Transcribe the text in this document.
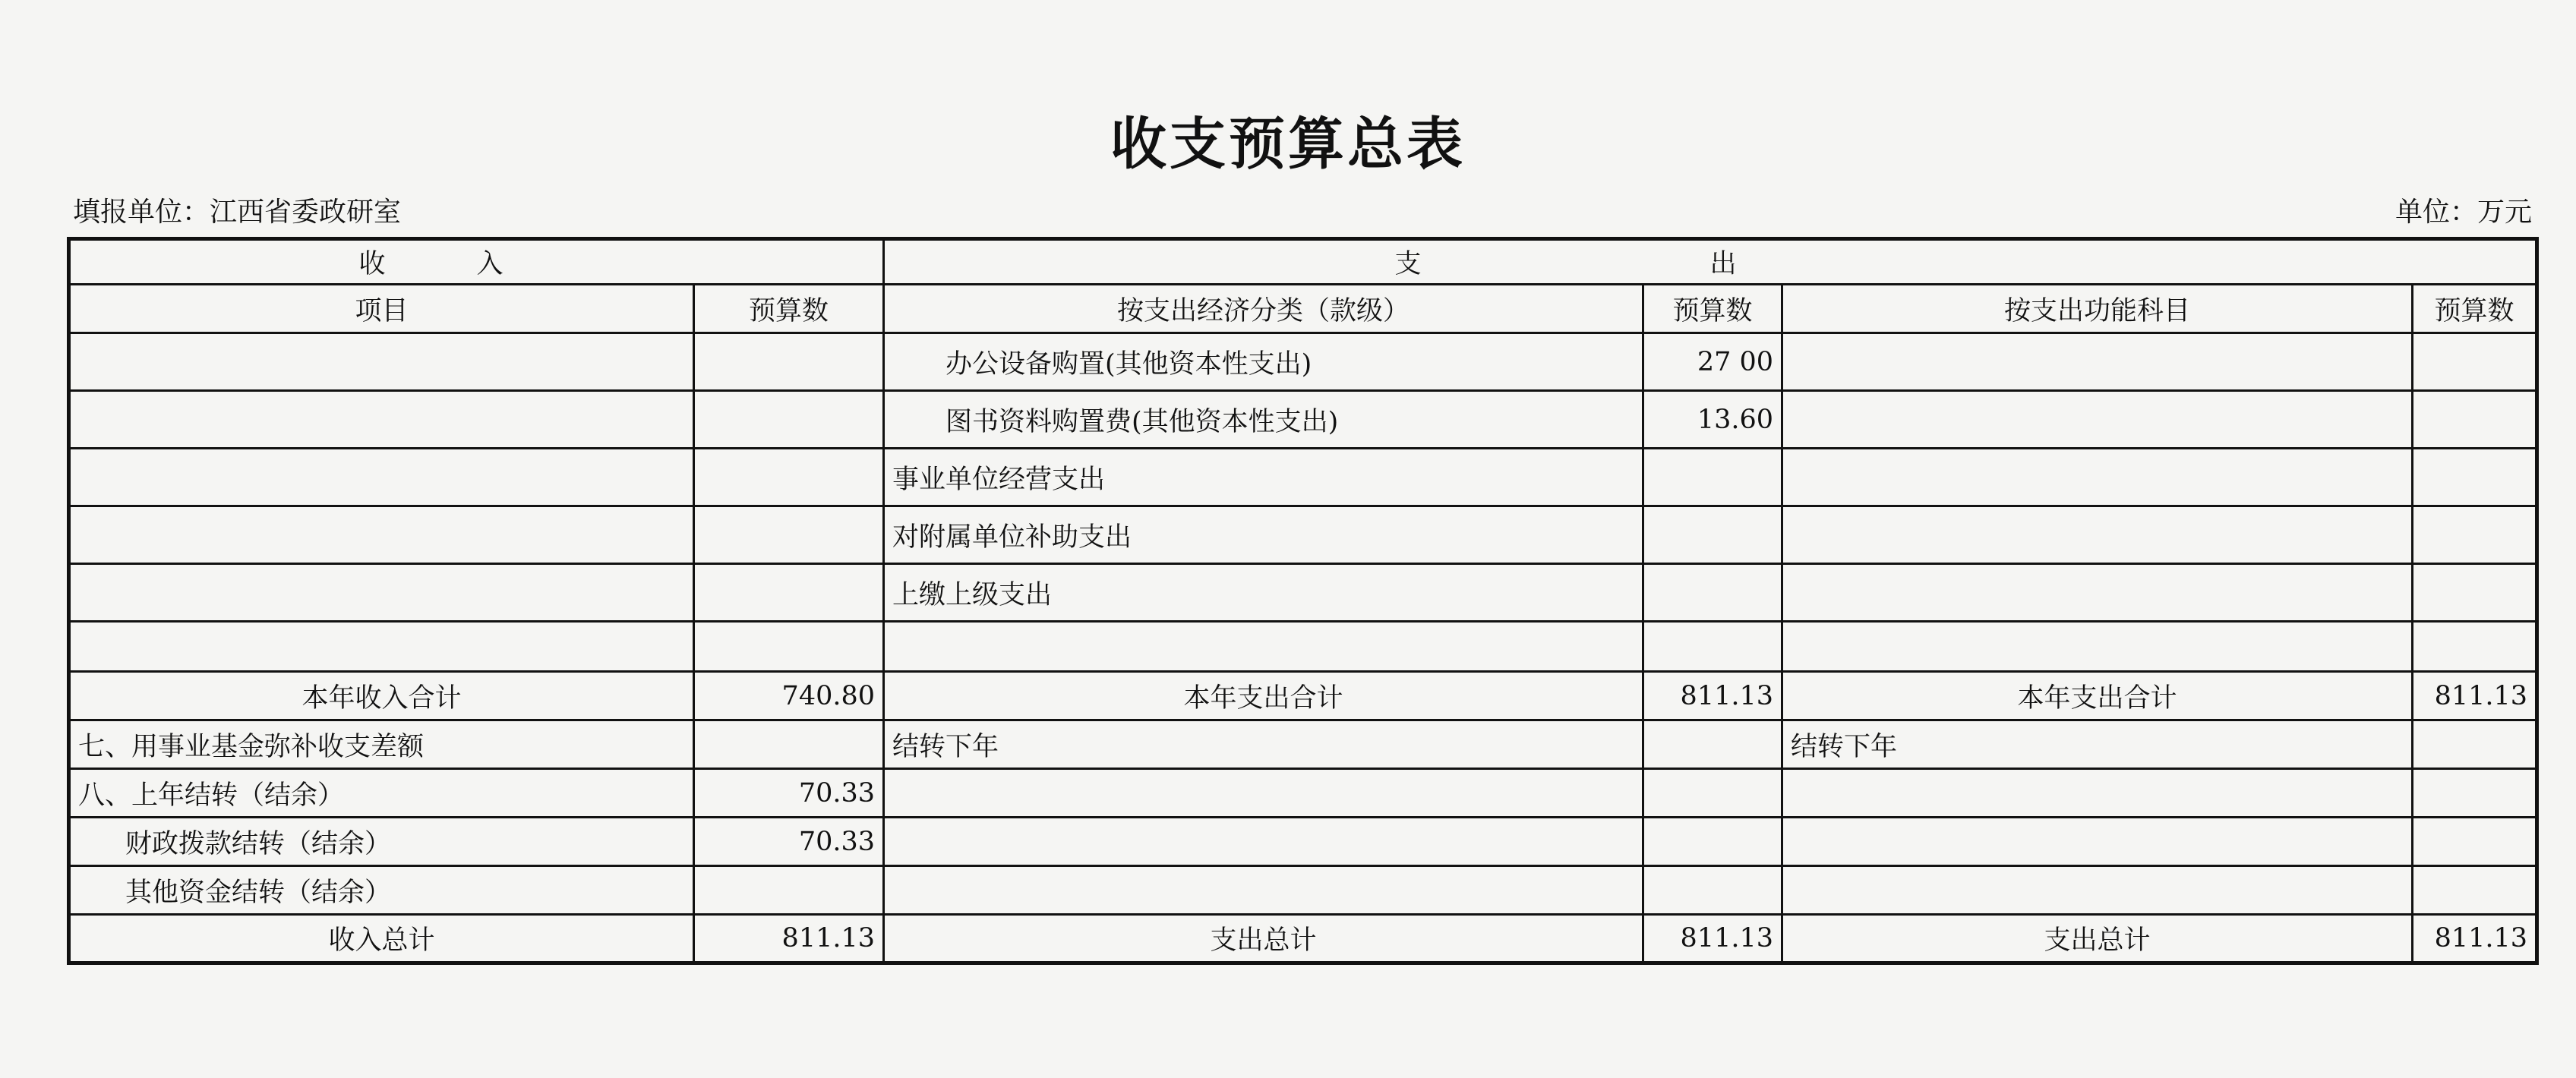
收支预算总表
填报单位：江西省委政研室	单位：万元
收入		支出			
项目	预算数	按支出经济分类（款级）	预算数	按支出功能科目	预算数
		办公设备购置(其他资本性支出)	27 00		
		图书资料购置费(其他资本性支出)	13.60		
		事业单位经营支出			
		对附属单位补助支出			
		上缴上级支出			

本年收入合计	740.80	本年支出合计	811.13	本年支出合计	811.13
七、用事业基金弥补收支差额		结转下年		结转下年	
八、上年结转（结余）	70.33				
财政拨款结转（结余）	70.33				
其他资金结转（结余）					
收入总计	811.13	支出总计	811.13	支出总计	811.13
